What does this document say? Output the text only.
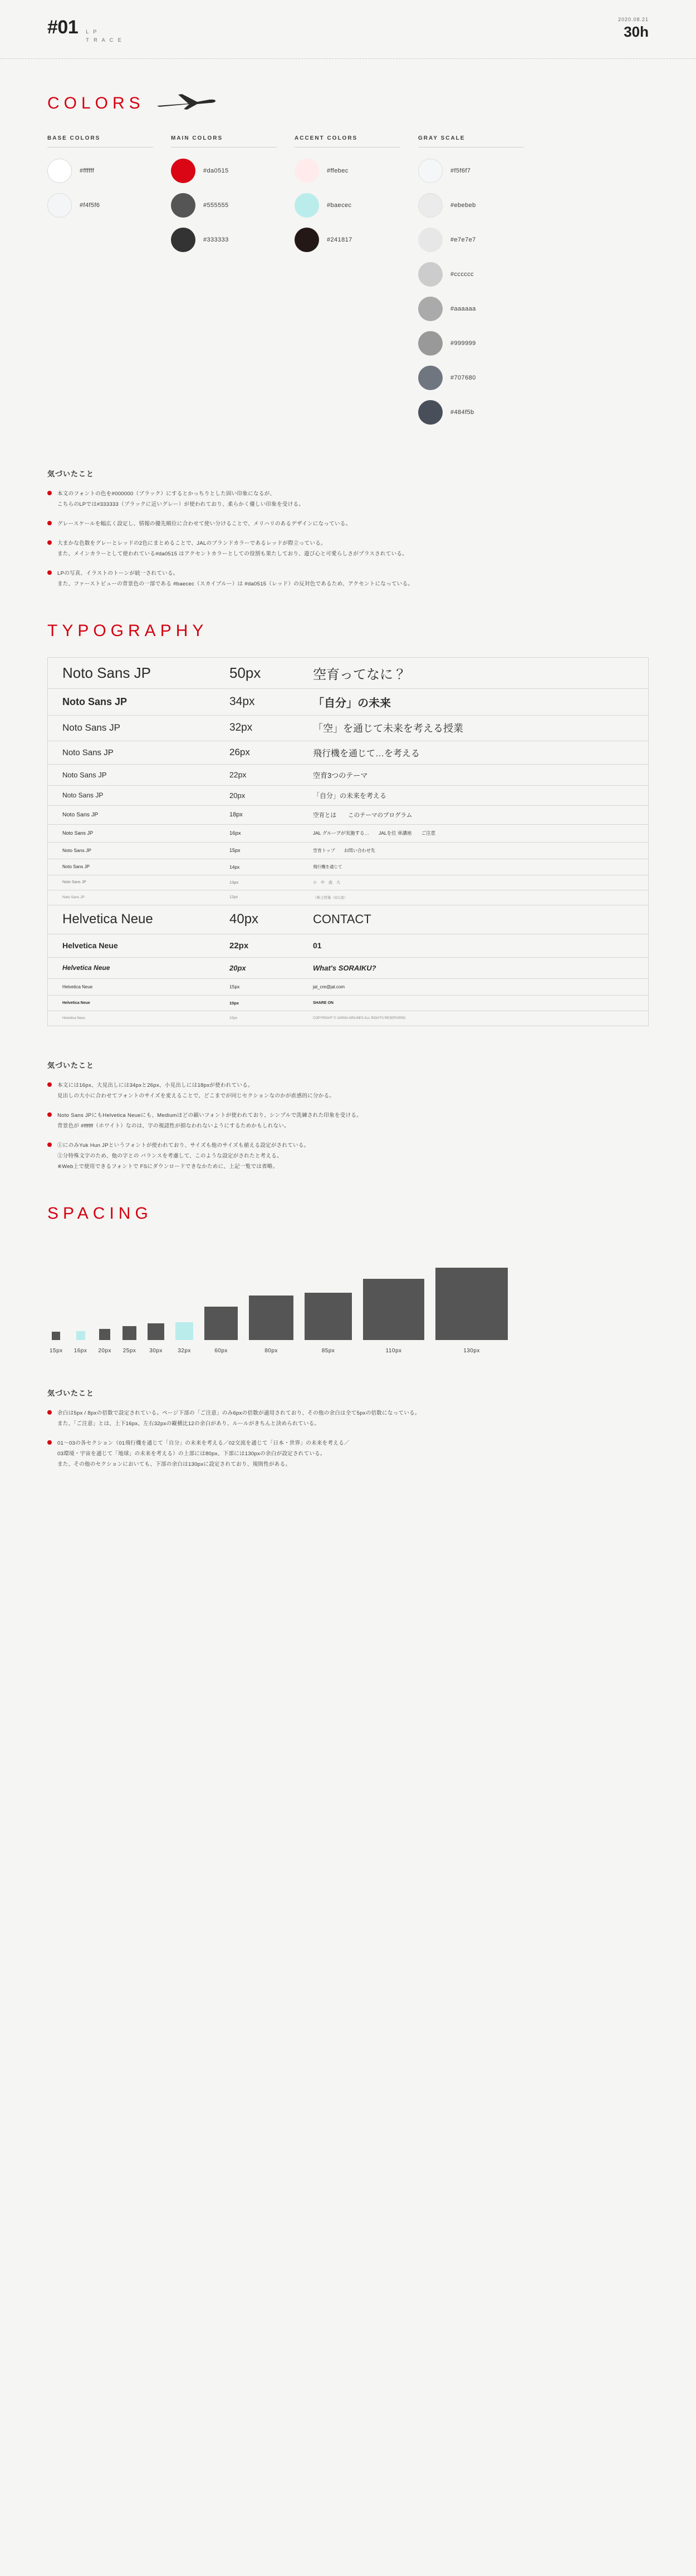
#01 L P
T R A C E
2020.08.21
30h
COLORS
BASE COLORS
#ffffff
#f4f5f6
MAIN COLORS
#da0515
#555555
#333333
ACCENT COLORS
#ffebec
#baecec
#241817
GRAY SCALE
#f5f6f7
#ebebeb
#e7e7e7
#cccccc
#aaaaaa
#999999
#707680
#484f5b
気づいたこと
本文のフォントの色を#000000（ブラック）にするとかっちりとした固い印象になるが、
こちらのLPでは#333333（ブラックに近いグレー）が使われており、柔らかく優しい印象を受ける。
グレースケールを幅広く設定し、情報の優先順位に合わせて使い分けることで、メリハリのあるデザインになっている。
大まかな色数をグレーとレッドの2色にまとめることで、JALのブランドカラーであるレッドが際立っている。
また、メインカラーとして使われている#da0515 はアクセントカラーとしての役割も果たしており、遊び心と可愛らしさがプラスされている。
LPの写真、イラストのトーンが統一されている。
また、ファーストビューの背景色の一部である #baecec（スカイブルー）は #da0515（レッド）の反対色であるため、アクセントになっている。
TYPOGRAPHY
Noto Sans JP	50px	空育ってなに？
Noto Sans JP	34px	「自分」の未来
Noto Sans JP	32px	「空」を通じて未来を考える授業
Noto Sans JP	26px	飛行機を通じて…を考える
Noto Sans JP	22px	空育3つのテーマ
Noto Sans JP	20px	「自分」の未来を考える
Noto Sans JP	18px	空育とは　　このテーマのプログラム
Noto Sans JP	16px	JAL グループが実施する…　　JALを位 車講座　　ご注意
Noto Sans JP	15px	空育トップ　　お問い合わせ先
Noto Sans JP	14px	飛行機を通じて
Noto Sans JP	13px	小　中　高　大
Noto Sans JP	12px	（株主特集（ICL別）
Helvetica Neue	40px	CONTACT
Helvetica Neue	22px	01
Helvetica Neue	20px	What's SORAIKU?
Helvetica Neue	15px	jal_cre@jal.com
Helvetica Neue	10px	SHARE ON
Helvetica Neue	10px	COPYRIGHT © JAPAN AIRLINES ALL RIGHTS RESERVERD.
気づいたこと
本文には16px、大見出しには34pxと26px、小見出しには18pxが使われている。
見出しの大小に合わせてフォントのサイズを変えることで、どこまでが同じセクションなのかが直感的に分かる。
Noto Sans JPにもHelvetica Neueにも、Mediumほどの細いフォントが使われており、シンプルで洗練された印象を受ける。
背景色が #ffffff（ホワイト）なのは、字の視認性が損なわれないようにするためかもしれない。
①にのみYuk Hun JPというフォントが使われており、サイズも他のサイズも値える設定がされている。
②分特殊文字のため、他の字との バランスを考慮して、このような設定がされたと考える。
※Web上で使用できるフォントで FSにダウンロードできなかために、上記一覧では省略。
SPACING
15px 16px 20px 25px 30px	32px	60px	80px	85px	110px	130px
気づいたこと
余白は5px / 8pxの倍数で設定されている。ページ下部の「ご注意」のみ6pxの倍数が適用されており、その他の余白は全て5pxの倍数になっている。
また、「ご注意」とは、上下16px、左右32pxの縦横比12の余白があり、ルールがきちんと決められている。
01〜03の各セクション（01飛行機を通じて「自分」の未来を考える／02交流を通じて「日本・世界」の未来を考える／
03環境・宇宙を通じて「地球」の未来を考える）の上部には80px、下部には130pxの余白が設定されている。
また、その他のセクションにおいても、下部の余白は130pxに設定されており、規則性がある。
